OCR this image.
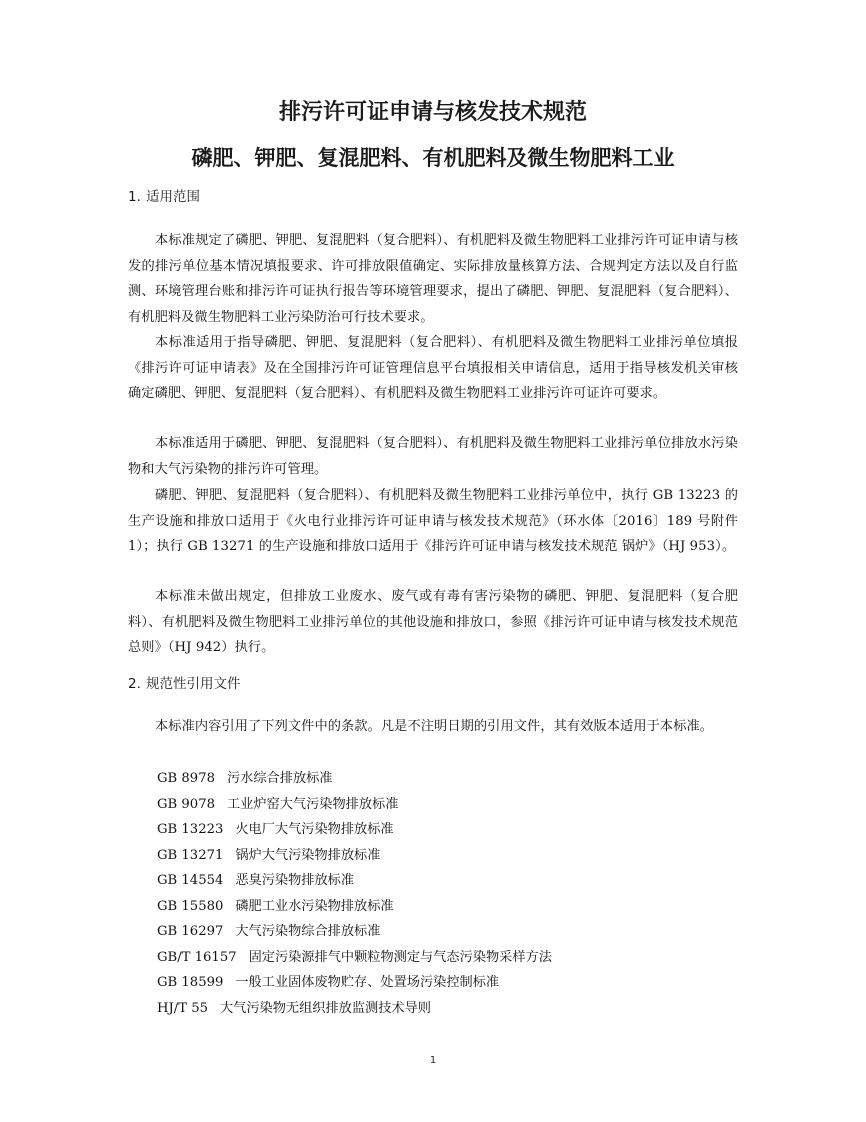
排污许可证申请与核发技术规范
磷肥、钾肥、复混肥料、有机肥料及微生物肥料工业
1. 适用范围

本标准规定了磷肥、钾肥、复混肥料（复合肥料）、有机肥料及微生物肥料工业排污许可证申请与核发的排污单位基本情况填报要求、许可排放限值确定、实际排放量核算方法、合规判定方法以及自行监测、环境管理台账和排污许可证执行报告等环境管理要求，提出了磷肥、钾肥、复混肥料（复合肥料）、有机肥料及微生物肥料工业污染防治可行技术要求。

本标准适用于指导磷肥、钾肥、复混肥料（复合肥料）、有机肥料及微生物肥料工业排污单位填报《排污许可证申请表》及在全国排污许可证管理信息平台填报相关申请信息，适用于指导核发机关审核确定磷肥、钾肥、复混肥料（复合肥料）、有机肥料及微生物肥料工业排污许可证许可要求。

本标准适用于磷肥、钾肥、复混肥料（复合肥料）、有机肥料及微生物肥料工业排污单位排放水污染物和大气污染物的排污许可管理。

磷肥、钾肥、复混肥料（复合肥料）、有机肥料及微生物肥料工业排污单位中，执行 GB 13223 的生产设施和排放口适用于《火电行业排污许可证申请与核发技术规范》（环水体〔2016〕189 号附件 1）；执行 GB 13271 的生产设施和排放口适用于《排污许可证申请与核发技术规范 锅炉》（HJ 953）。

本标准未做出规定，但排放工业废水、废气或有毒有害污染物的磷肥、钾肥、复混肥料（复合肥料）、有机肥料及微生物肥料工业排污单位的其他设施和排放口，参照《排污许可证申请与核发技术规范 总则》（HJ 942）执行。

2. 规范性引用文件

本标准内容引用了下列文件中的条款。凡是不注明日期的引用文件，其有效版本适用于本标准。

GB 8978 污水综合排放标准
GB 9078 工业炉窑大气污染物排放标准
GB 13223 火电厂大气污染物排放标准
GB 13271 锅炉大气污染物排放标准
GB 14554 恶臭污染物排放标准
GB 15580 磷肥工业水污染物排放标准
GB 16297 大气污染物综合排放标准
GB/T 16157 固定污染源排气中颗粒物测定与气态污染物采样方法
GB 18599 一般工业固体废物贮存、处置场污染控制标准
HJ/T 55 大气污染物无组织排放监测技术导则
1
